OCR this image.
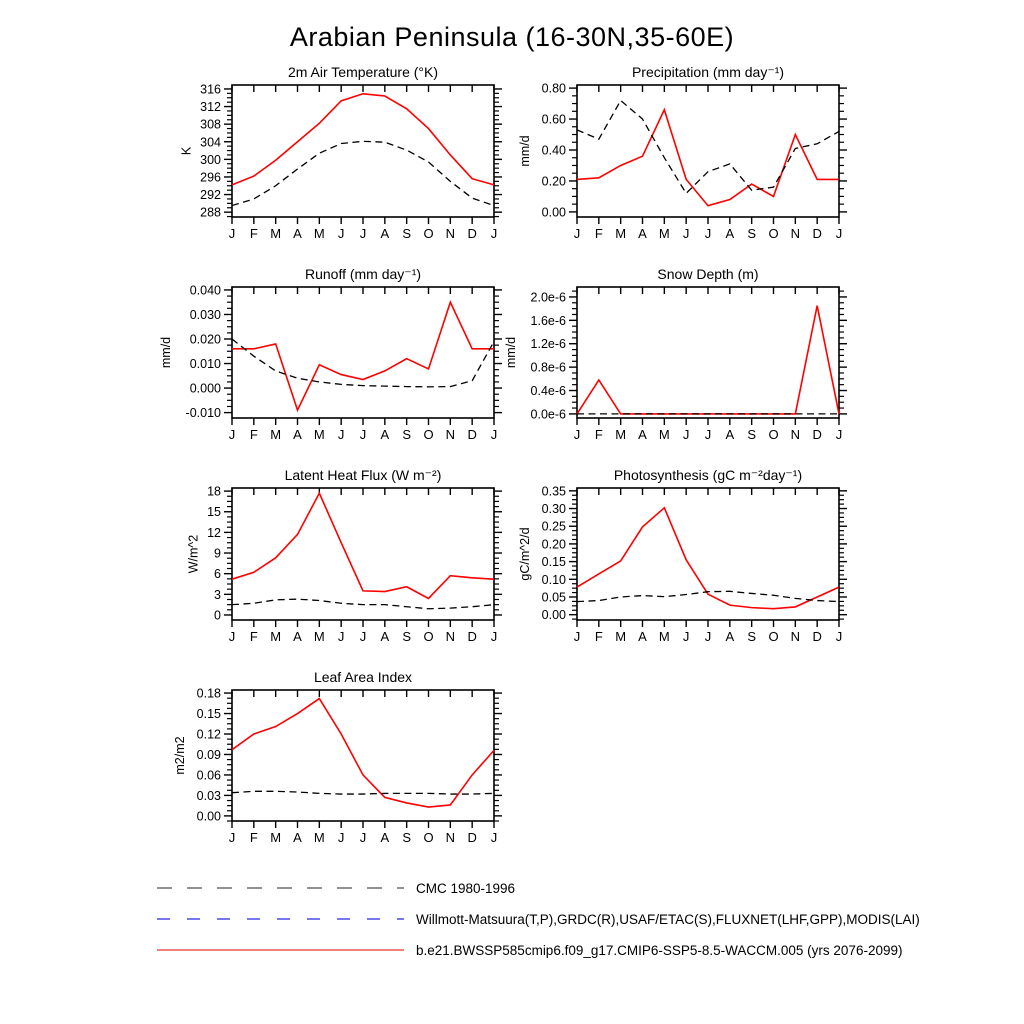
Arabian Peninsula (16-30N,35-60E)
J F M A M J J A S O N D J
288
292
296
300
304
308
312
316
2m Air Temperature (°K)
K
J F M A M J J A S O N D J
0.00
0.20
0.40
0.60
0.80
Precipitation (mm day⁻¹)
mm/d
J F M A M J J A S O N D J
-0.010
0.000
0.010
0.020
0.030
0.040
Runoff (mm day⁻¹)
mm/d
J F M A M J J A S O N D J
0.0e-6
0.4e-6
0.8e-6
1.2e-6
1.6e-6
2.0e-6
Snow Depth (m)
mm/d
J F M A M J J A S O N D J
0
3
6
9
12
15
18
Latent Heat Flux (W m⁻²)
W/m^2
J F M A M J J A S O N D J
0.00
0.05
0.10
0.15
0.20
0.25
0.30
0.35
Photosynthesis (gC m⁻²day⁻¹)
gC/m^2/d
J F M A M J J A S O N D J
0.00
0.03
0.06
0.09
0.12
0.15
0.18
Leaf Area Index
m2/m2
CMC 1980-1996
Willmott-Matsuura(T,P),GRDC(R),USAF/ETAC(S),FLUXNET(LHF,GPP),MODIS(LAI)
b.e21.BWSSP585cmip6.f09_g17.CMIP6-SSP5-8.5-WACCM.005 (yrs 2076-2099)
